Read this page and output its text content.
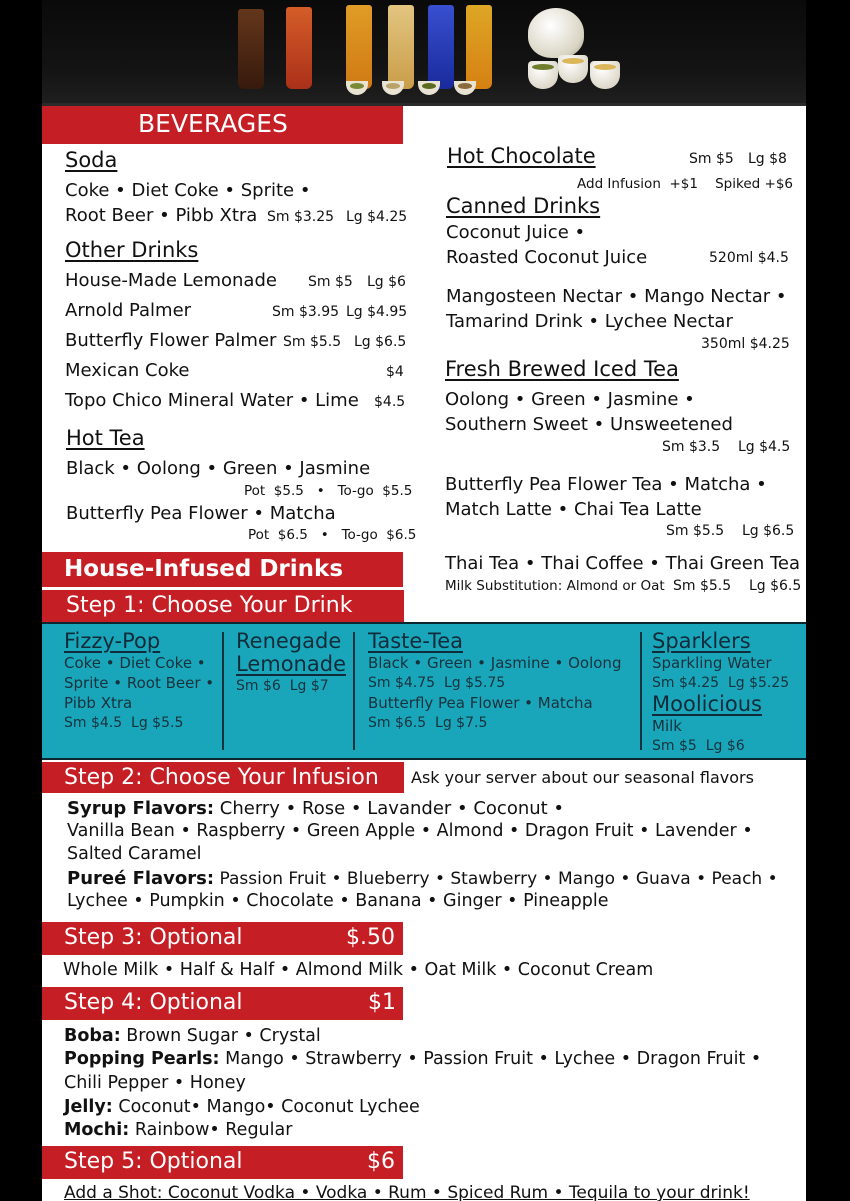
BEVERAGES
Soda
Coke • Diet Coke • Sprite •
Root Beer • Pibb Xtra Sm $3.25 Lg $4.25
Other Drinks
House-Made Lemonade Sm $5 Lg $6
Arnold Palmer	Sm $3.95 Lg $4.95
Butterfly Flower Palmer Sm $5.5 Lg $6.5
Mexican Coke	$4
Topo Chico Mineral Water • Lime $4.5
Hot Tea
Black • Oolong • Green • Jasmine
Pot  $5.5   •   To-go  $5.5
Butterfly Pea Flower • Matcha
Pot  $6.5   •   To-go  $6.5
Hot Chocolate	Sm $5 Lg $8
Add Infusion  +$1    Spiked +$6
Canned Drinks
Coconut Juice •
Roasted Coconut Juice	520ml $4.5
Mangosteen Nectar • Mango Nectar •
Tamarind Drink • Lychee Nectar
350ml $4.25
Fresh Brewed Iced Tea
Oolong • Green • Jasmine •
Southern Sweet • Unsweetened
Sm $3.5    Lg $4.5
Butterfly Pea Flower Tea • Matcha •
Match Latte • Chai Tea Latte
Sm $5.5    Lg $6.5
Thai Tea • Thai Coffee • Thai Green Tea
Milk Substitution: Almond or Oat Sm $5.5    Lg $6.5
House-Infused Drinks
Step 1: Choose Your Drink
Fizzy-Pop
Coke • Diet Coke •
Sprite • Root Beer •
Pibb Xtra
Sm $4.5  Lg $5.5
Renegade
Lemonade
Sm $6  Lg $7
Taste-Tea
Black • Green • Jasmine • Oolong
Sm $4.75  Lg $5.75
Butterfly Pea Flower • Matcha
Sm $6.5  Lg $7.5
Sparklers
Sparkling Water
Sm $4.25  Lg $5.25
Moolicious
Milk
Sm $5  Lg $6
Step 2: Choose Your Infusion Ask your server about our seasonal flavors
Syrup Flavors: Cherry • Rose • Lavander • Coconut •
Vanilla Bean • Raspberry • Green Apple • Almond • Dragon Fruit • Lavender •
Salted Caramel
Pureé Flavors: Passion Fruit • Blueberry • Stawberry • Mango • Guava • Peach •
Lychee • Pumpkin • Chocolate • Banana • Ginger • Pineapple
Step 3: Optional	$.50
Whole Milk • Half & Half • Almond Milk • Oat Milk • Coconut Cream
Step 4: Optional	$1
Boba: Brown Sugar • Crystal
Popping Pearls: Mango • Strawberry • Passion Fruit • Lychee • Dragon Fruit •
Chili Pepper • Honey
Jelly: Coconut• Mango• Coconut Lychee
Mochi: Rainbow• Regular
Step 5: Optional	$6
Add a Shot: Coconut Vodka • Vodka • Rum • Spiced Rum • Tequila to your drink!
